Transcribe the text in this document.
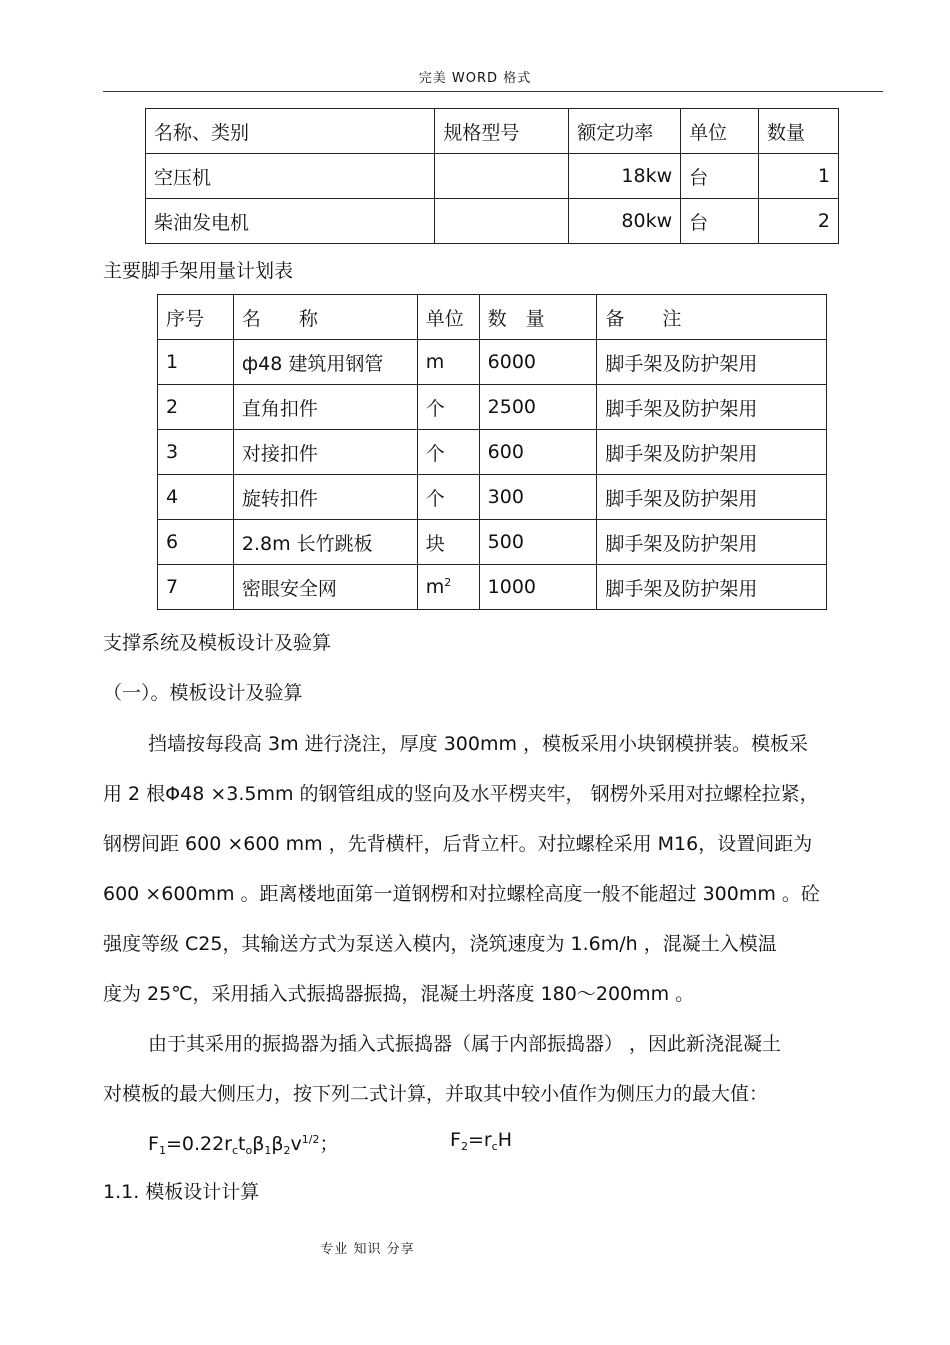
完美 WORD 格式
名称、类别	规格型号	额定功率	单位	数量
空压机		18kw	台	1
柴油发电机		80kw	台	2
主要脚手架用量计划表
序号	名　　称	单位	数　量	备　　注
1	ф48 建筑用钢管	m	6000	脚手架及防护架用
2	直角扣件	个	2500	脚手架及防护架用
3	对接扣件	个	600	脚手架及防护架用
4	旋转扣件	个	300	脚手架及防护架用
6	2.8m 长竹跳板	块	500	脚手架及防护架用
7	密眼安全网	$m^2$	1000	脚手架及防护架用
支撑系统及模板设计及验算
（一）。模板设计及验算
挡墙按每段高 3m 进行浇注，厚度 300mm ，模板采用小块钢模拼装。模板采
用 2 根Φ48 ×3.5mm 的钢管组成的竖向及水平楞夹牢， 钢楞外采用对拉螺栓拉紧，
钢楞间距 600 ×600 mm ，先背横杆，后背立杆。对拉螺栓采用 M16，设置间距为
600 ×600mm 。距离楼地面第一道钢楞和对拉螺栓高度一般不能超过 300mm 。砼
强度等级 C25，其输送方式为泵送入模内，浇筑速度为 1.6m/h ，混凝土入模温
度为 25℃，采用插入式振捣器振捣，混凝土坍落度 180～200mm 。
由于其采用的振捣器为插入式振捣器（属于内部振捣器） ，因此新浇混凝土
对模板的最大侧压力，按下列二式计算，并取其中较小值作为侧压力的最大值：
$F_1=0.22r_ct_o\beta_1\beta_2v^{1/2}$；	$F_2=r_cH$
1.1. 模板设计计算
专业 知识 分享
